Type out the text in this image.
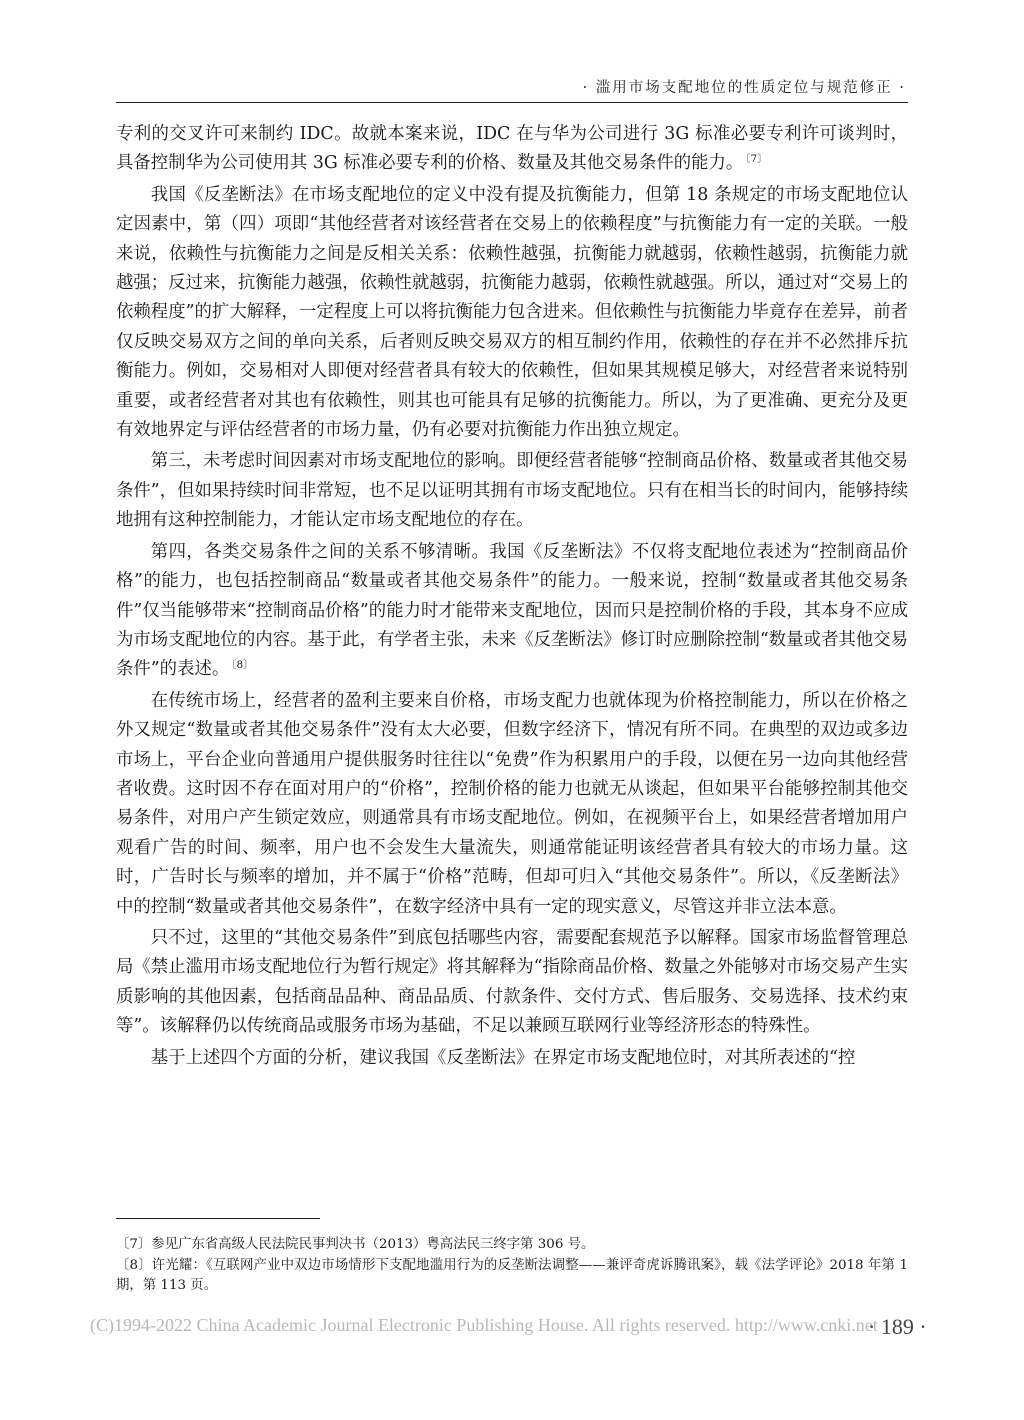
· 滥用市场支配地位的性质定位与规范修正 ·

专利的交叉许可来制约 IDC。故就本案来说，IDC 在与华为公司进行 3G 标准必要专利许可谈判时，具备控制华为公司使用其 3G 标准必要专利的价格、数量及其他交易条件的能力。 $^{〔7〕}$

我国《反垄断法》在市场支配地位的定义中没有提及抗衡能力，但第 18 条规定的市场支配地位认定因素中，第（四）项即“其他经营者对该经营者在交易上的依赖程度”与抗衡能力有一定的关联。一般来说，依赖性与抗衡能力之间是反相关关系：依赖性越强，抗衡能力就越弱，依赖性越弱，抗衡能力就越强；反过来，抗衡能力越强，依赖性就越弱，抗衡能力越弱，依赖性就越强。所以，通过对“交易上的依赖程度”的扩大解释，一定程度上可以将抗衡能力包含进来。但依赖性与抗衡能力毕竟存在差异，前者仅反映交易双方之间的单向关系，后者则反映交易双方的相互制约作用，依赖性的存在并不必然排斥抗衡能力。例如，交易相对人即便对经营者具有较大的依赖性，但如果其规模足够大，对经营者来说特别重要，或者经营者对其也有依赖性，则其也可能具有足够的抗衡能力。所以，为了更准确、更充分及更有效地界定与评估经营者的市场力量，仍有必要对抗衡能力作出独立规定。

第三，未考虑时间因素对市场支配地位的影响。即便经营者能够“控制商品价格、数量或者其他交易条件”，但如果持续时间非常短，也不足以证明其拥有市场支配地位。只有在相当长的时间内，能够持续地拥有这种控制能力，才能认定市场支配地位的存在。

第四，各类交易条件之间的关系不够清晰。我国《反垄断法》不仅将支配地位表述为“控制商品价格”的能力，也包括控制商品“数量或者其他交易条件”的能力。一般来说，控制“数量或者其他交易条件”仅当能够带来“控制商品价格”的能力时才能带来支配地位，因而只是控制价格的手段，其本身不应成为市场支配地位的内容。基于此，有学者主张，未来《反垄断法》修订时应删除控制“数量或者其他交易条件”的表述。 $^{〔8〕}$

在传统市场上，经营者的盈利主要来自价格，市场支配力也就体现为价格控制能力，所以在价格之外又规定“数量或者其他交易条件”没有太大必要，但数字经济下，情况有所不同。在典型的双边或多边市场上，平台企业向普通用户提供服务时往往以“免费”作为积累用户的手段，以便在另一边向其他经营者收费。这时因不存在面对用户的“价格”，控制价格的能力也就无从谈起，但如果平台能够控制其他交易条件，对用户产生锁定效应，则通常具有市场支配地位。例如，在视频平台上，如果经营者增加用户观看广告的时间、频率，用户也不会发生大量流失，则通常能证明该经营者具有较大的市场力量。这时，广告时长与频率的增加，并不属于“价格”范畴，但却可归入“其他交易条件”。所以，《反垄断法》中的控制“数量或者其他交易条件”，在数字经济中具有一定的现实意义，尽管这并非立法本意。

只不过，这里的“其他交易条件”到底包括哪些内容，需要配套规范予以解释。国家市场监督管理总局《禁止滥用市场支配地位行为暂行规定》将其解释为“指除商品价格、数量之外能够对市场交易产生实质影响的其他因素，包括商品品种、商品品质、付款条件、交付方式、售后服务、交易选择、技术约束等”。该解释仍以传统商品或服务市场为基础，不足以兼顾互联网行业等经济形态的特殊性。

基于上述四个方面的分析，建议我国《反垄断法》在界定市场支配地位时，对其所表述的“控

〔7〕参见广东省高级人民法院民事判决书（2013）粤高法民三终字第 306 号。

〔8〕许光耀：《互联网产业中双边市场情形下支配地滥用行为的反垄断法调整——兼评奇虎诉腾讯案》，载《法学评论》2018 年第 1 期，第 113 页。

(C)1994-2022 China Academic Journal Electronic Publishing House. All rights reserved. http://www.cnki.net
· 189 ·
